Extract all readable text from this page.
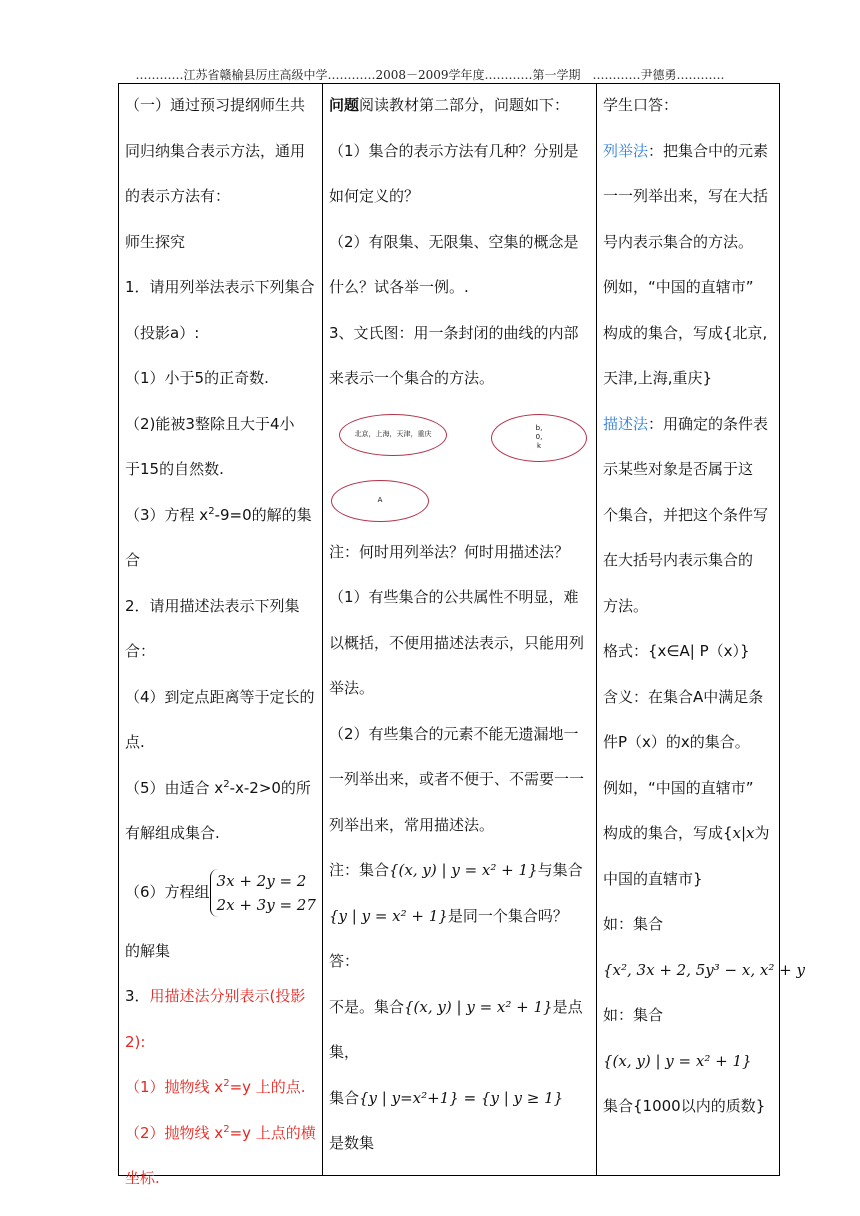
…………江苏省赣榆县厉庄高级中学…………2008－2009学年度…………第一学期　…………尹德勇…………

（一）通过预习提纲师生共

同归纳集合表示方法，通用

的表示方法有：

师生探究

1．请用列举法表示下列集合

（投影a）:

（1）小于5的正奇数.

（2)能被3整除且大于4小

于15的自然数.

（3）方程 $x^2-9=0$的解的集

合

2．请用描述法表示下列集

合：

（4）到定点距离等于定长的

点.

（5）由适合 $x^2-x-2>0$的所

有解组成集合.

（6）方程组
3x + 2y = 2
2x + 3y = 27

的解集

3．用描述法分别表示(投影

2):

（1）抛物线 $x^2=y$ 上的点.

（2）抛物线 $x^2=y$ 上点的横

坐标.

问题阅读教材第二部分，问题如下：

（1）集合的表示方法有几种？分别是

如何定义的？

（2）有限集、无限集、空集的概念是

什么？试各举一例。.

3、文氏图：用一条封闭的曲线的内部

来表示一个集合的方法。

北京，上海，天津，重庆
b,
0,
k
A

注：何时用列举法？何时用描述法？

（1）有些集合的公共属性不明显，难

以概括，不便用描述法表示，只能用列

举法。

（2）有些集合的元素不能无遗漏地一

一列举出来，或者不便于、不需要一一

列举出来，常用描述法。

注：集合{(x, y) | y = x² + 1}与集合

{y | y = x² + 1}是同一个集合吗？答：

不是。集合{(x, y) | y = x² + 1}是点集，

集合{y | y=x²+1} = {y | y ≥ 1}　是数集

学生口答：

列举法：把集合中的元素

一一列举出来，写在大括

号内表示集合的方法。

例如，“中国的直辖市”

构成的集合，写成{北京,

天津,上海,重庆}

描述法：用确定的条件表

示某些对象是否属于这

个集合，并把这个条件写

在大括号内表示集合的

方法。

格式：{x∈A| P（x）}

含义：在集合A中满足条

件P（x）的x的集合。

例如，“中国的直辖市”

构成的集合，写成{x|x为

中国的直辖市}

如：集合

{x², 3x + 2, 5y³ − x, x² + y

如：集合

{(x, y) | y = x² + 1}

集合{1000以内的质数}
